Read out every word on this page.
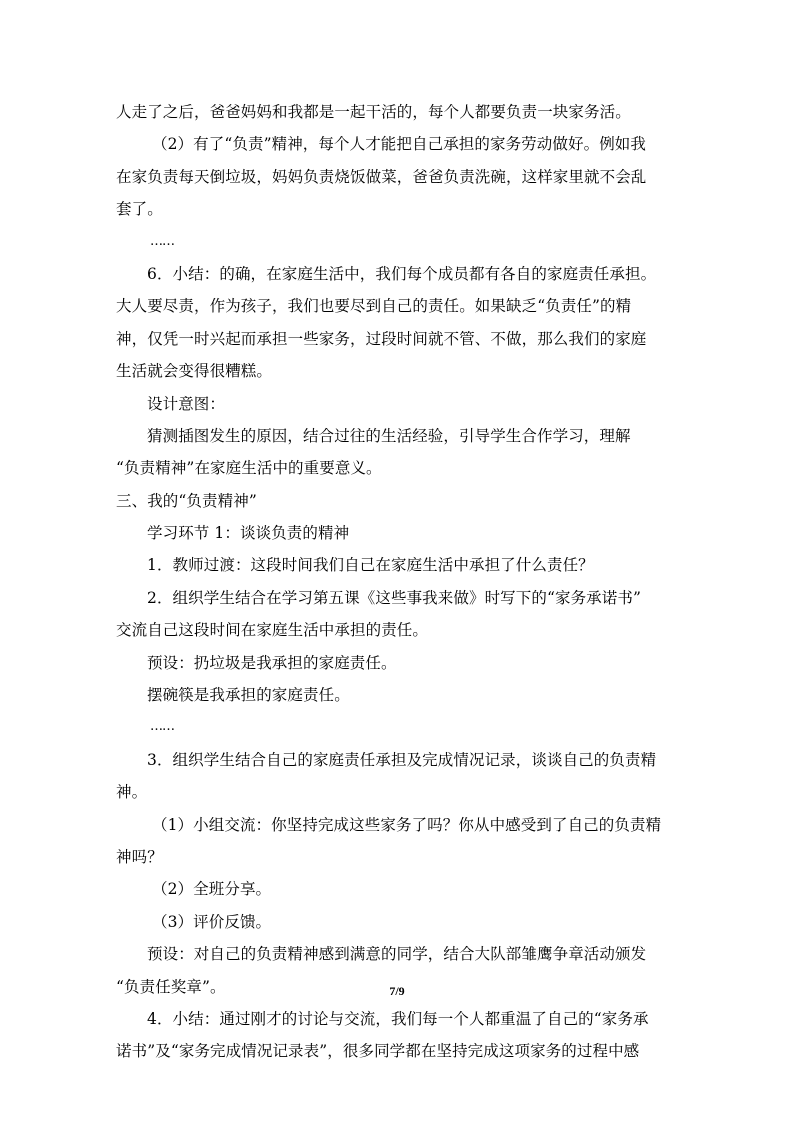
人走了之后，爸爸妈妈和我都是一起干活的，每个人都要负责一块家务活。
（2）有了“负责”精神，每个人才能把自己承担的家务劳动做好。例如我
在家负责每天倒垃圾，妈妈负责烧饭做菜，爸爸负责洗碗，这样家里就不会乱
套了。
……
6．小结：的确，在家庭生活中，我们每个成员都有各自的家庭责任承担。
大人要尽责，作为孩子，我们也要尽到自己的责任。如果缺乏“负责任”的精
神，仅凭一时兴起而承担一些家务，过段时间就不管、不做，那么我们的家庭
生活就会变得很糟糕。
设计意图：
猜测插图发生的原因，结合过往的生活经验，引导学生合作学习，理解
“负责精神”在家庭生活中的重要意义。
三、我的“负责精神”
学习环节 1：谈谈负责的精神
1．教师过渡：这段时间我们自己在家庭生活中承担了什么责任？
2．组织学生结合在学习第五课《这些事我来做》时写下的“家务承诺书”
交流自己这段时间在家庭生活中承担的责任。
预设：扔垃圾是我承担的家庭责任。
摆碗筷是我承担的家庭责任。
……
3．组织学生结合自己的家庭责任承担及完成情况记录，谈谈自己的负责精
神。
（1）小组交流：你坚持完成这些家务了吗？你从中感受到了自己的负责精
神吗？
（2）全班分享。
（3）评价反馈。
预设：对自己的负责精神感到满意的同学，结合大队部雏鹰争章活动颁发
“负责任奖章”。
4．小结：通过刚才的讨论与交流，我们每一个人都重温了自己的“家务承
诺书”及“家务完成情况记录表”，很多同学都在坚持完成这项家务的过程中感
7/9
